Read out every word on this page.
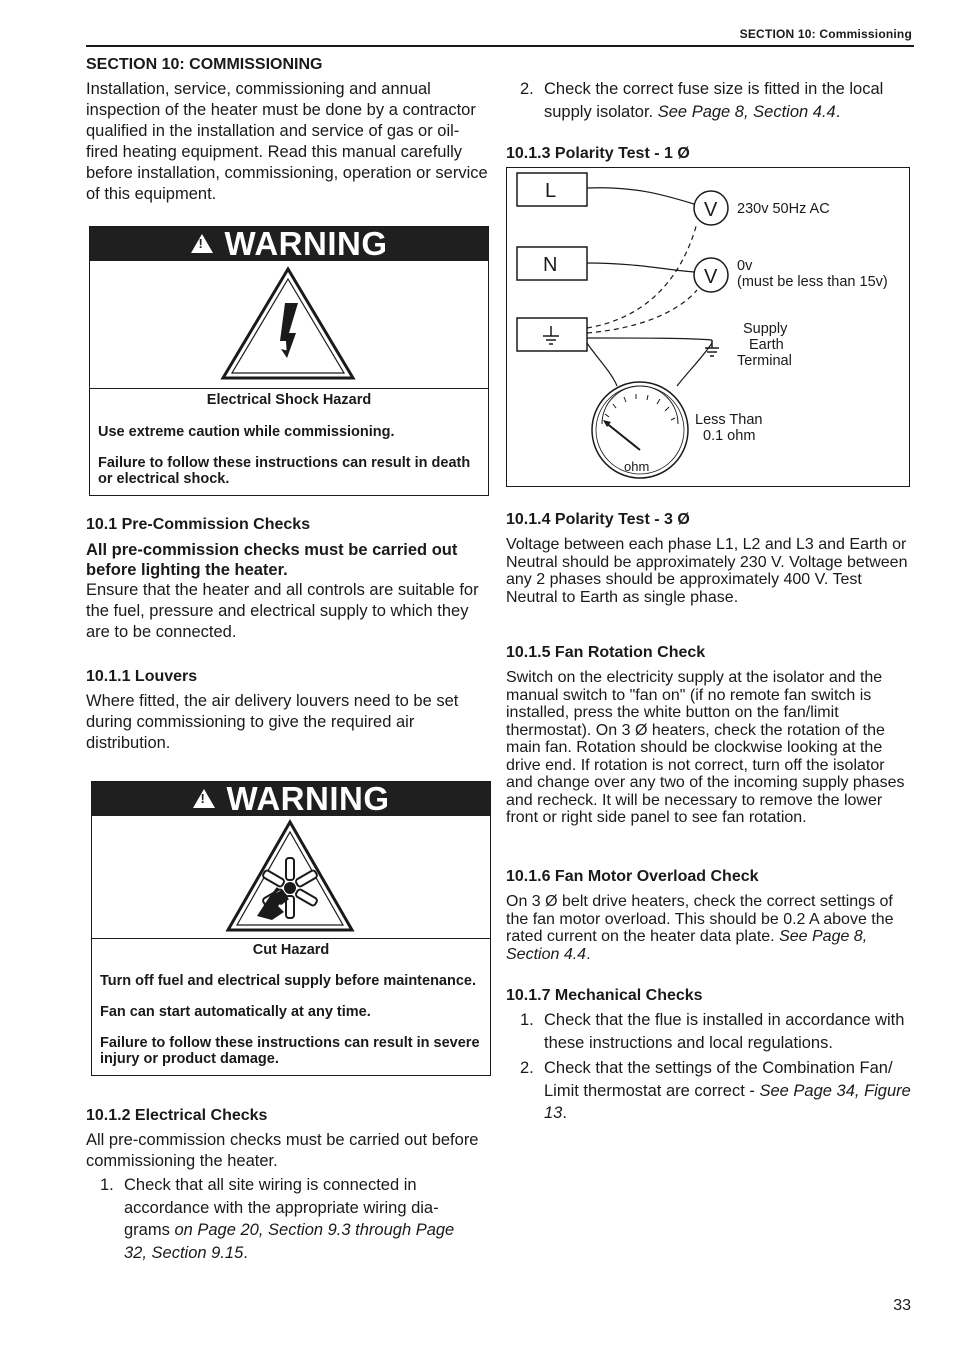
SECTION 10: Commissioning
SECTION 10: COMMISSIONING

Installation, service, commissioning and annual inspection of the heater must be done by a contractor qualified in the installation and service of gas or oil-fired heating equipment. Read this manual carefully before installation, commissioning, operation or service of this equipment.

!WARNING
Electrical Shock Hazard
Use extreme caution while commissioning.
Failure to follow these instructions can result in death or electrical shock.
10.1 Pre-Commission Checks

All pre-commission checks must be carried out before lighting the heater.

Ensure that the heater and all controls are suitable for the fuel, pressure and electrical supply to which they are to be connected.

10.1.1 Louvers

Where fitted, the air delivery louvers need to be set during commissioning to give the required air distribution.

!WARNING
Cut Hazard
Turn off fuel and electrical supply before maintenance.
Fan can start automatically at any time.
Failure to follow these instructions can result in severe injury or product damage.
10.1.2 Electrical Checks

All pre-commission checks must be carried out before commissioning the heater.

1. Check that all site wiring is connected in accordance with the appropriate wiring dia-grams on Page 20, Section 9.3 through Page 32, Section 9.15.
2. Check the correct fuse size is fitted in the local supply isolator. See Page 8, Section 4.4.
10.1.3 Polarity Test - 1 Ø
L
N
V
V
230v 50Hz AC
0v
(must be less than 15v)
Supply
Earth
Terminal
Less Than
0.1 ohm
ohm
10.1.4 Polarity Test - 3 Ø

Voltage between each phase L1, L2 and L3 and Earth or Neutral should be approximately 230 V. Voltage between any 2 phases should be approximately 400 V. Test Neutral to Earth as single phase.

10.1.5 Fan Rotation Check

Switch on the electricity supply at the isolator and the manual switch to "fan on" (if no remote fan switch is installed, press the white button on the fan/limit thermostat). On 3 Ø heaters, check the rotation of the main fan. Rotation should be clockwise looking at the drive end. If rotation is not correct, turn off the isolator and change over any two of the incoming supply phases and recheck. It will be necessary to remove the lower front or right side panel to see fan rotation.

10.1.6 Fan Motor Overload Check

On 3 Ø belt drive heaters, check the correct settings of the fan motor overload. This should be 0.2 A above the rated current on the heater data plate. See Page 8, Section 4.4.

10.1.7 Mechanical Checks
1. Check that the flue is installed in accordance with these instructions and local regulations.
2. Check that the settings of the Combination Fan/ Limit thermostat are correct - See Page 34, Figure 13.
33
